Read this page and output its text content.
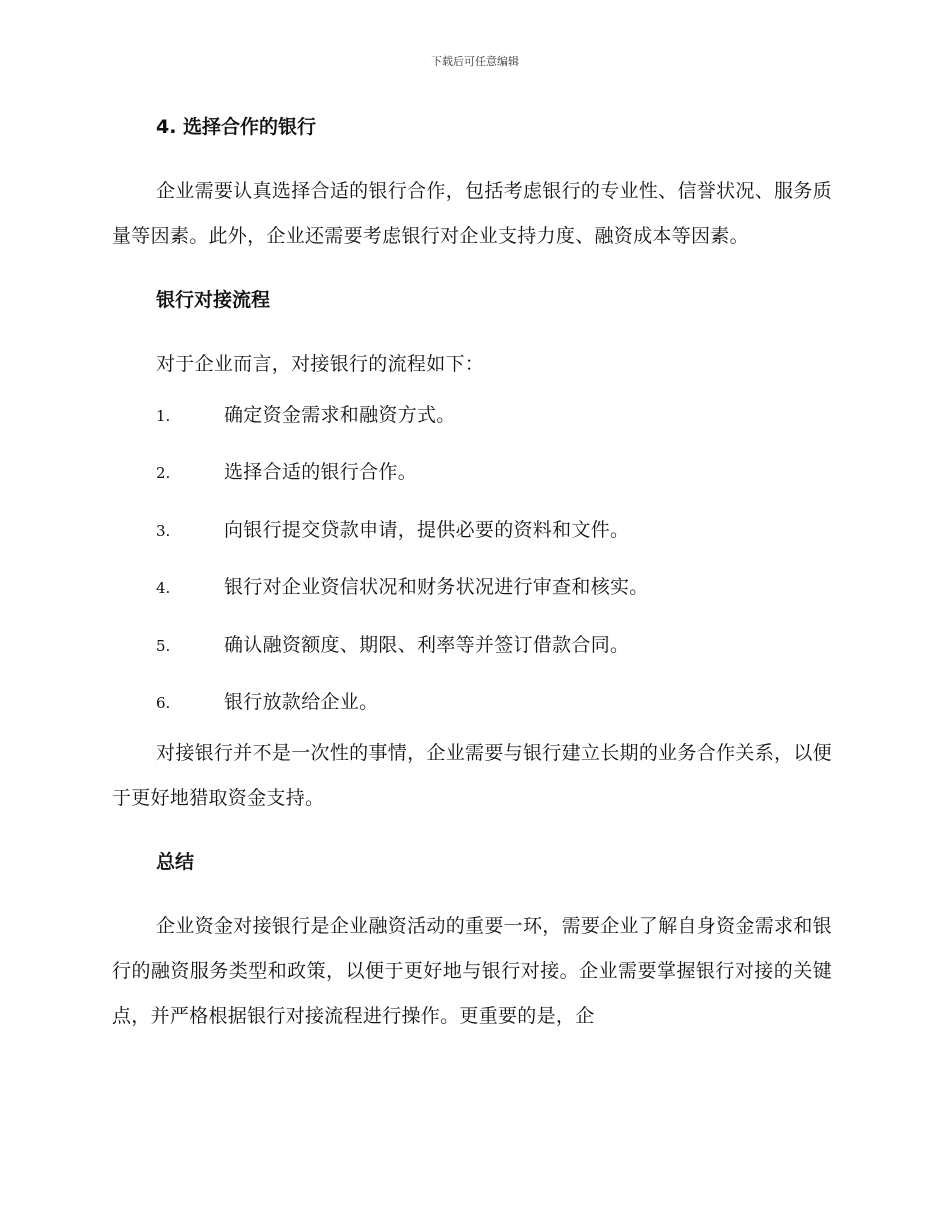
下载后可任意编辑
4. 选择合作的银行

企业需要认真选择合适的银行合作，包括考虑银行的专业性、信誉状况、服务质量等因素。此外，企业还需要考虑银行对企业支持力度、融资成本等因素。

银行对接流程

对于企业而言，对接银行的流程如下：

1.	确定资金需求和融资方式。
2.	选择合适的银行合作。
3.	向银行提交贷款申请，提供必要的资料和文件。
4.	银行对企业资信状况和财务状况进行审查和核实。
5.	确认融资额度、期限、利率等并签订借款合同。
6.	银行放款给企业。

对接银行并不是一次性的事情，企业需要与银行建立长期的业务合作关系，以便于更好地猎取资金支持。

总结

企业资金对接银行是企业融资活动的重要一环，需要企业了解自身资金需求和银行的融资服务类型和政策，以便于更好地与银行对接。企业需要掌握银行对接的关键点，并严格根据银行对接流程进行操作。更重要的是，企
